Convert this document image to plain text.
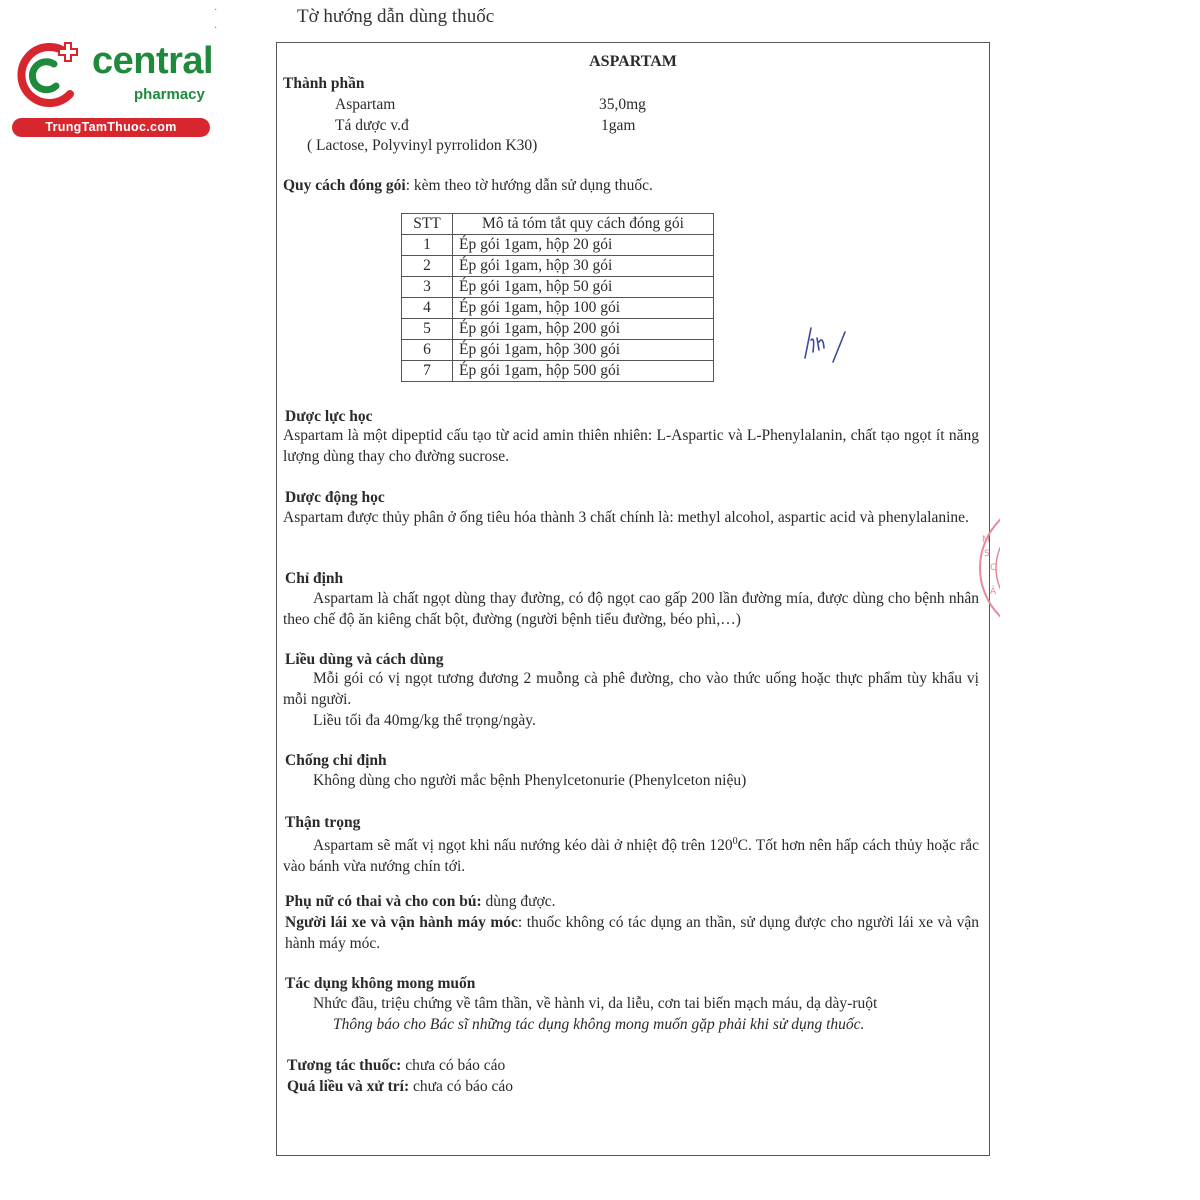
central
pharmacy
TrungTamThuoc.com
·
·
Tờ hướng dẫn dùng thuốc
ASPARTAM
Thành phần
Aspartam	35,0mg
Tá dược v.đ	1gam
( Lactose, Polyvinyl pyrrolidon K30)
Quy cách đóng gói: kèm theo tờ hướng dẫn sử dụng thuốc.
STT	Mô tả tóm tắt quy cách đóng gói
1	Ép gói 1gam, hộp 20 gói
2	Ép gói 1gam, hộp 30 gói
3	Ép gói 1gam, hộp 50 gói
4	Ép gói 1gam, hộp 100 gói
5	Ép gói 1gam, hộp 200 gói
6	Ép gói 1gam, hộp 300 gói
7	Ép gói 1gam, hộp 500 gói
Dược lực học
Aspartam là một dipeptid cấu tạo từ acid amin thiên nhiên: L-Aspartic và L-Phenylalanin, chất tạo ngọt ít năng lượng dùng thay cho đường sucrose.
Dược động học
Aspartam được thủy phân ở ống tiêu hóa thành 3 chất chính là: methyl alcohol, aspartic acid và phenylalanine.
Chỉ định
Aspartam là chất ngọt dùng thay đường, có độ ngọt cao gấp 200 lần đường mía, được dùng cho bệnh nhân theo chế độ ăn kiêng chất bột, đường (người bệnh tiểu đường, béo phì,…)
Liều dùng và cách dùng
Mỗi gói có vị ngọt tương đương 2 muỗng cà phê đường, cho vào thức uống hoặc thực phẩm tùy khẩu vị mỗi người.
Liều tối đa 40mg/kg thể trọng/ngày.
Chống chỉ định
Không dùng cho người mắc bệnh Phenylcetonurie (Phenylceton niệu)
Thận trọng
Aspartam sẽ mất vị ngọt khi nấu nướng kéo dài ở nhiệt độ trên $120^0C$. Tốt hơn nên hấp cách thủy hoặc rắc vào bánh vừa nướng chín tới.
Phụ nữ có thai và cho con bú: dùng được.
Người lái xe và vận hành máy móc: thuốc không có tác dụng an thần, sử dụng được cho người lái xe và vận hành máy móc.
Tác dụng không mong muốn
Nhức đầu, triệu chứng về tâm thần, về hành vi, da liễu, cơn tai biến mạch máu, dạ dày-ruột
Thông báo cho Bác sĩ những tác dụng không mong muốn gặp phải khi sử dụng thuốc.
Tương tác thuốc: chưa có báo cáo
Quá liều và xử trí: chưa có báo cáo
M
S
C
Ả
